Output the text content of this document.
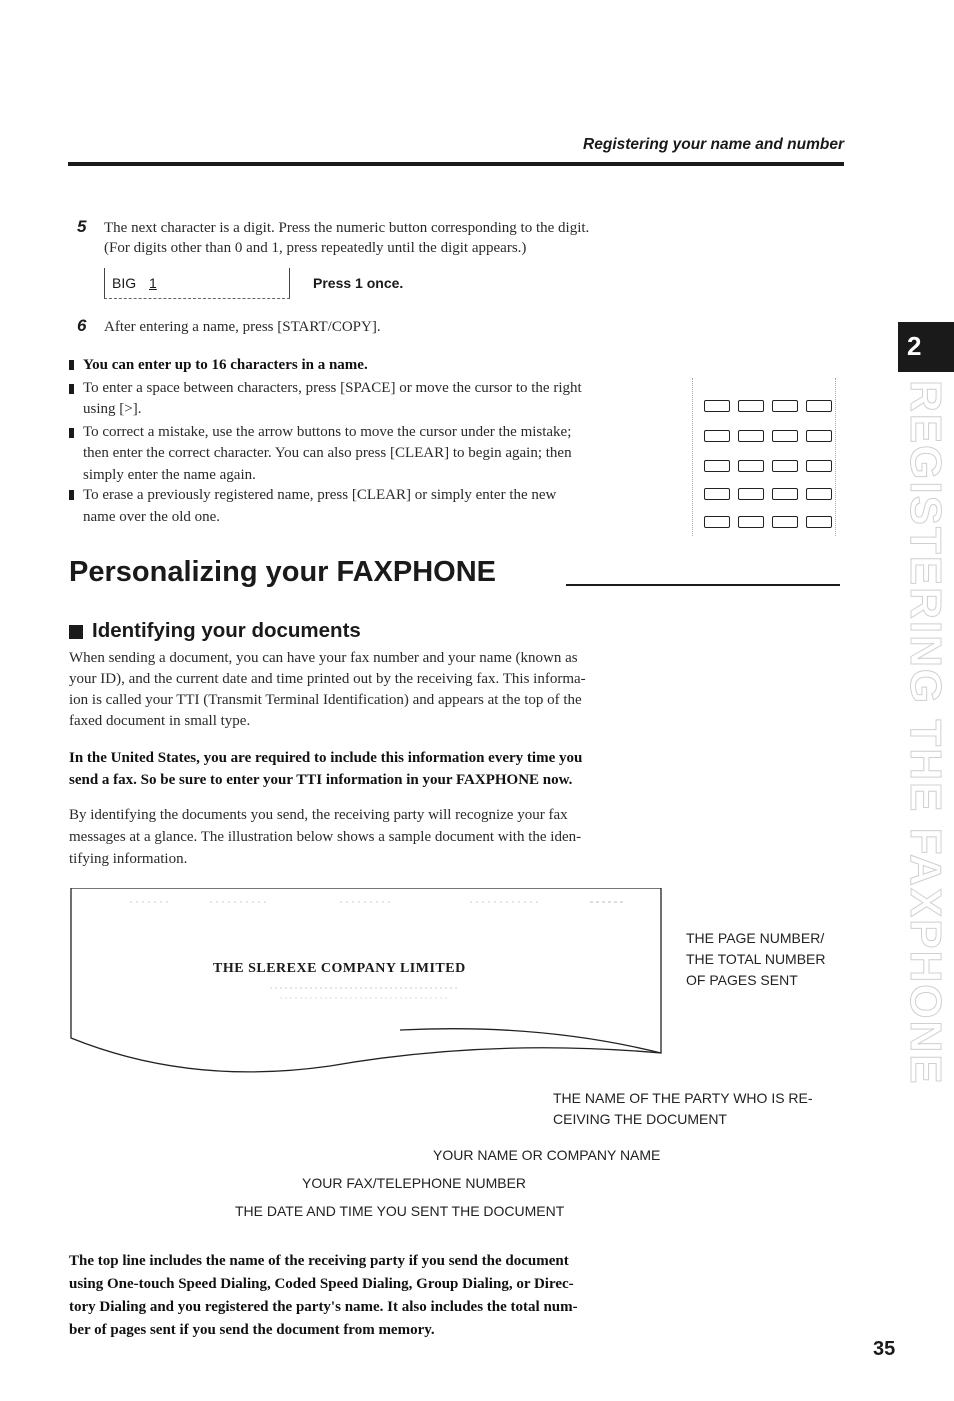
Registering your name and number
5 The next character is a digit. Press the numeric button corresponding to the digit.
(For digits other than 0 and 1, press repeatedly until the digit appears.)
BIG 1	Press 1 once.
6 After entering a name, press [START/COPY].
You can enter up to 16 characters in a name.
To enter a space between characters, press [SPACE] or move the cursor to the right
using [>].
To correct a mistake, use the arrow buttons to move the cursor under the mistake;
then enter the correct character. You can also press [CLEAR] to begin again; then
simply enter the name again.
To erase a previously registered name, press [CLEAR] or simply enter the new
name over the old one.
Personalizing your FAXPHONE
Identifying your documents
When sending a document, you can have your fax number and your name (known as
your ID), and the current date and time printed out by the receiving fax. This informa-
ion is called your TTI (Transmit Terminal Identification) and appears at the top of the
faxed document in small type.
In the United States, you are required to include this information every time you
send a fax. So be sure to enter your TTI information in your FAXPHONE now.
By identifying the documents you send, the receiving party will recognize your fax
messages at a glance. The illustration below shows a sample document with the iden-
tifying information.
THE SLEREXE COMPANY LIMITED
THE PAGE NUMBER/
THE TOTAL NUMBER
OF PAGES SENT
THE NAME OF THE PARTY WHO IS RE-
CEIVING THE DOCUMENT
YOUR NAME OR COMPANY NAME
YOUR FAX/TELEPHONE NUMBER
THE DATE AND TIME YOU SENT THE DOCUMENT
The top line includes the name of the receiving party if you send the document
using One-touch Speed Dialing, Coded Speed Dialing, Group Dialing, or Direc-
tory Dialing and you registered the party's name. It also includes the total num-
ber of pages sent if you send the document from memory.
2
REGISTERING THE FAXPHONE
35
